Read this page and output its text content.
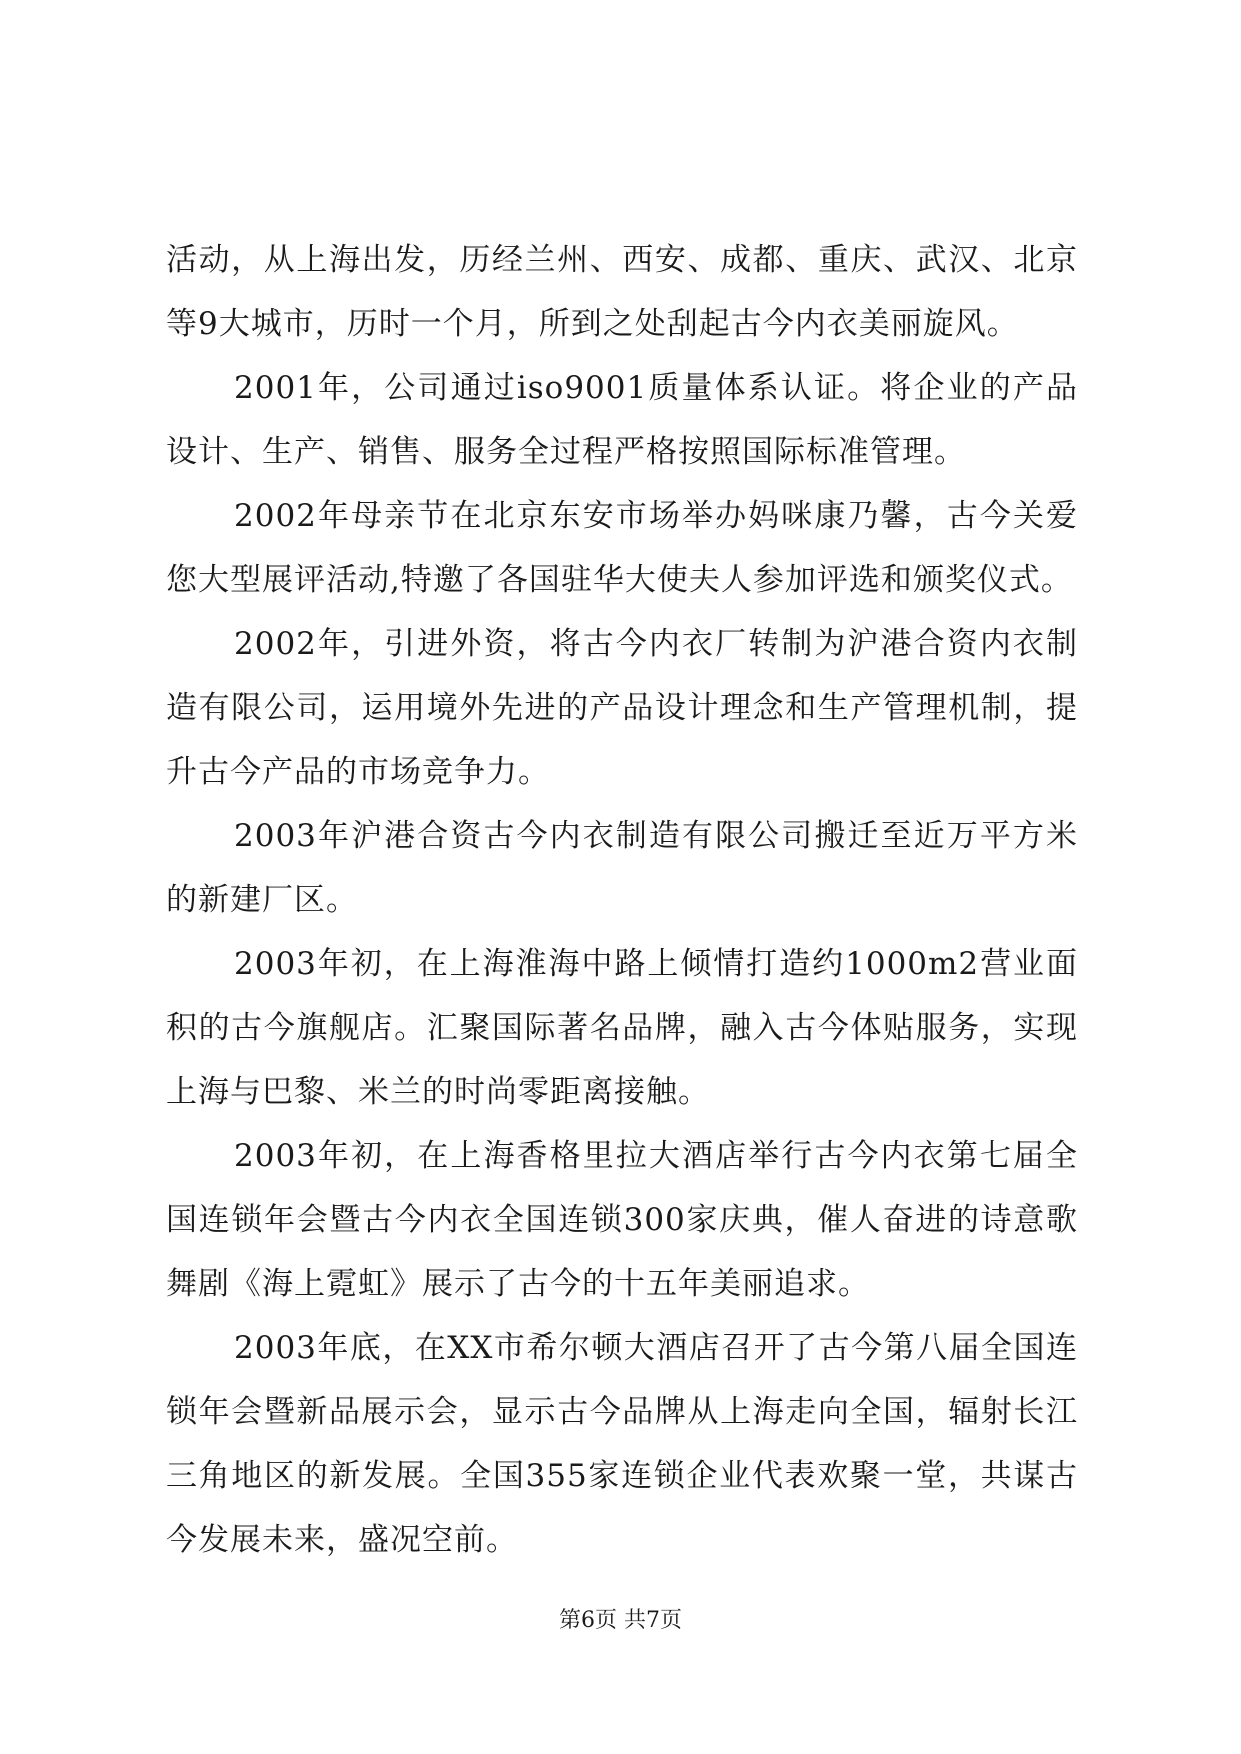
活动，从上海出发，历经兰州、西安、成都、重庆、武汉、北京等9大城市，历时一个月，所到之处刮起古今内衣美丽旋风。

2001年，公司通过iso9001质量体系认证。将企业的产品设计、生产、销售、服务全过程严格按照国际标准管理。

2002年母亲节在北京东安市场举办妈咪康乃馨，古今关爱您大型展评活动,特邀了各国驻华大使夫人参加评选和颁奖仪式。

2002年，引进外资，将古今内衣厂转制为沪港合资内衣制造有限公司，运用境外先进的产品设计理念和生产管理机制，提升古今产品的市场竞争力。

2003年沪港合资古今内衣制造有限公司搬迁至近万平方米的新建厂区。

2003年初，在上海淮海中路上倾情打造约1000m2营业面积的古今旗舰店。汇聚国际著名品牌，融入古今体贴服务，实现上海与巴黎、米兰的时尚零距离接触。

2003年初，在上海香格里拉大酒店举行古今内衣第七届全国连锁年会暨古今内衣全国连锁300家庆典，催人奋进的诗意歌舞剧《海上霓虹》展示了古今的十五年美丽追求。

2003年底，在XX市希尔顿大酒店召开了古今第八届全国连锁年会暨新品展示会，显示古今品牌从上海走向全国，辐射长江三角地区的新发展。全国355家连锁企业代表欢聚一堂，共谋古今发展未来，盛况空前。

第6页 共7页
